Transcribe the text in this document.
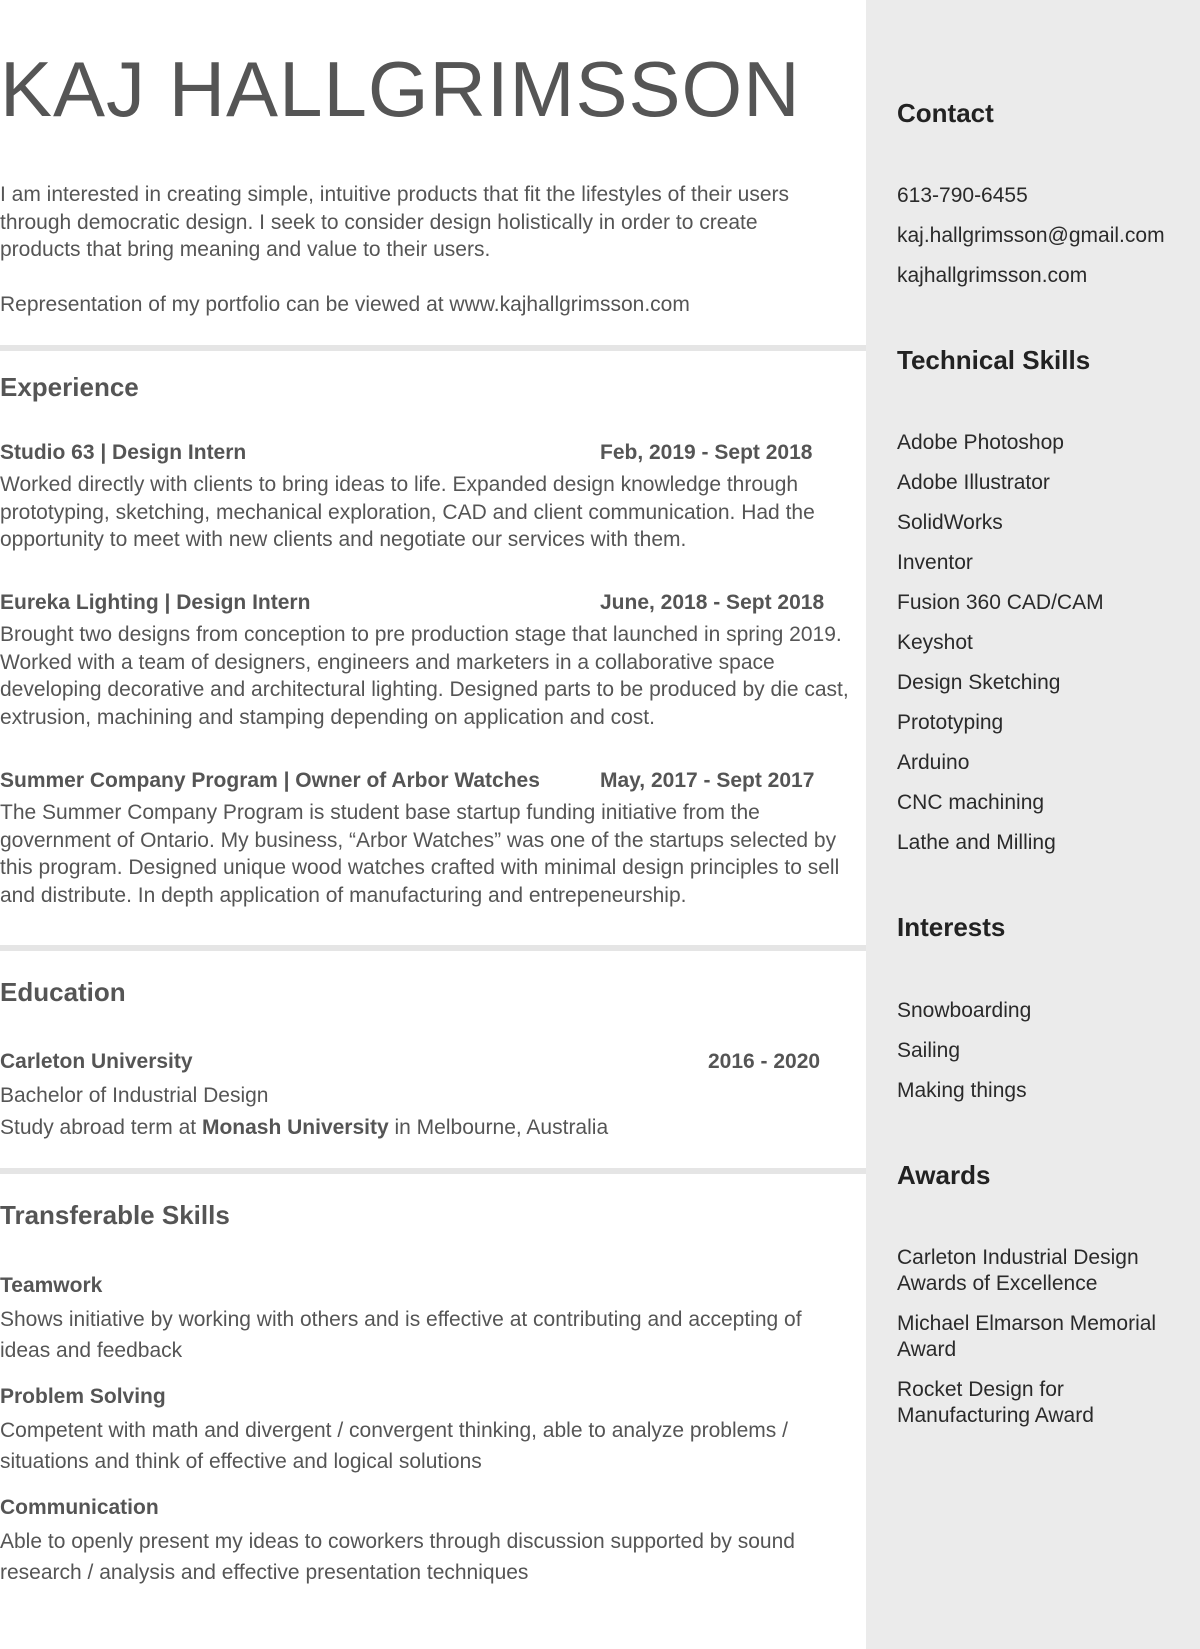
KAJ HALLGRIMSSON

I am interested in creating simple, intuitive products that fit the lifestyles of their users through democratic design. I seek to consider design holistically in order to create products that bring meaning and value to their users.

Representation of my portfolio can be viewed at www.kajhallgrimsson.com

Experience
Studio 63 | Design Intern	Feb, 2019 - Sept 2018
Worked directly with clients to bring ideas to life. Expanded design knowledge through prototyping, sketching, mechanical exploration, CAD and client communication. Had the opportunity to meet with new clients and negotiate our services with them.
Eureka Lighting | Design Intern	June, 2018 - Sept 2018
Brought two designs from conception to pre production stage that launched in spring 2019. Worked with a team of designers, engineers and marketers in a collaborative space developing decorative and architectural lighting. Designed parts to be produced by die cast, extrusion, machining and stamping depending on application and cost.
Summer Company Program | Owner of Arbor Watches	May, 2017 - Sept 2017
The Summer Company Program is student base startup funding initiative from the government of Ontario. My business, “Arbor Watches” was one of the startups selected by this program. Designed unique wood watches crafted with minimal design principles to sell and distribute. In depth application of manufacturing and entrepeneurship.
Education
Carleton University	2016 - 2020
Bachelor of Industrial Design
Study abroad term at Monash University in Melbourne, Australia
Transferable Skills
Teamwork
Shows initiative by working with others and is effective at contributing and accepting of ideas and feedback
Problem Solving
Competent with math and divergent / convergent thinking, able to analyze problems / situations and think of effective and logical solutions
Communication
Able to openly present my ideas to coworkers through discussion supported by sound research / analysis and effective presentation techniques
Contact
613-790-6455
kaj.hallgrimsson@gmail.com
kajhallgrimsson.com
Technical Skills
Adobe Photoshop
Adobe Illustrator
SolidWorks
Inventor
Fusion 360 CAD/CAM
Keyshot
Design Sketching
Prototyping
Arduino
CNC machining
Lathe and Milling
Interests
Snowboarding
Sailing
Making things
Awards
Carleton Industrial Design Awards of Excellence
Michael Elmarson Memorial Award
Rocket Design for Manufacturing Award
